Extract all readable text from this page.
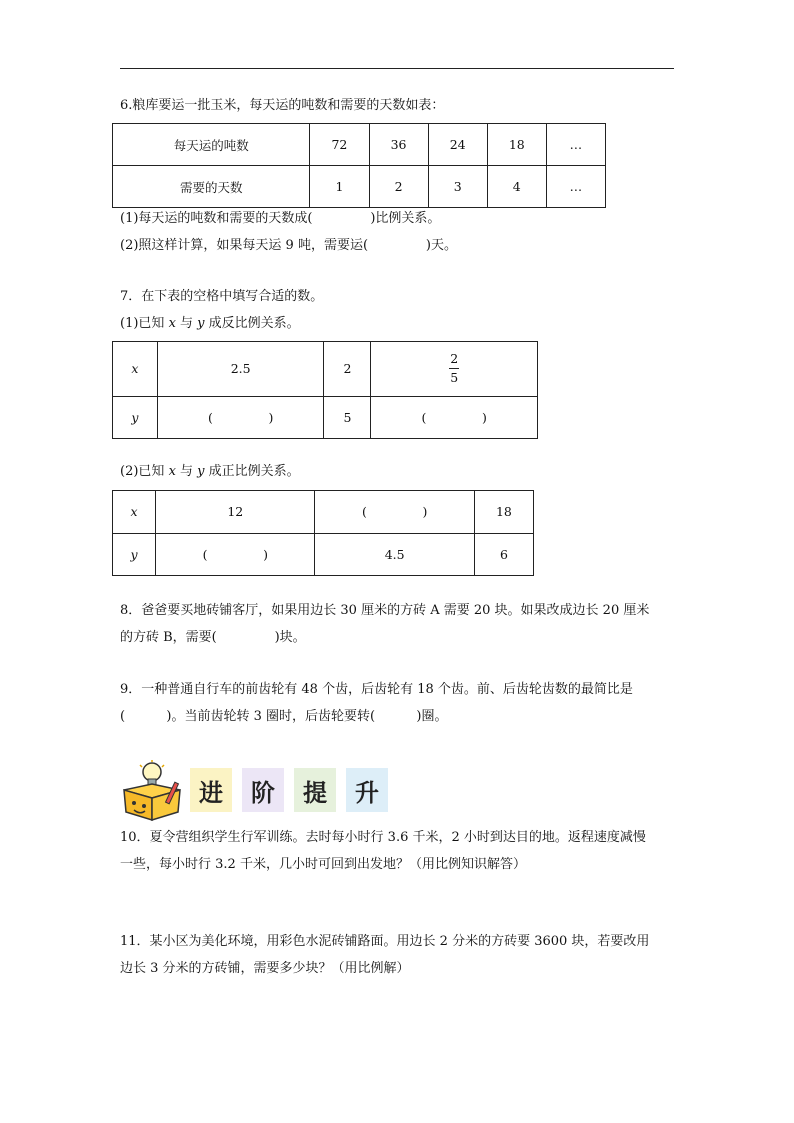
6.粮库要运一批玉米，每天运的吨数和需要的天数如表：
每天运的吨数	72	36	24	18	…
需要的天数	1	2	3	4	…
(1)每天运的吨数和需要的天数成(              )比例关系。
(2)照这样计算，如果每天运 9 吨，需要运(              )天。
7．在下表的空格中填写合适的数。
(1)已知 x 与 y 成反比例关系。
x	2.5	2	$\frac{2}{5}$
y	(              )	5	(              )
(2)已知 x 与 y 成正比例关系。
x	12	(              )	18
y	(              )	4.5	6
8．爸爸要买地砖铺客厅，如果用边长 30 厘米的方砖 A 需要 20 块。如果改成边长 20 厘米
的方砖 B，需要(              )块。
9．一种普通自行车的前齿轮有 48 个齿，后齿轮有 18 个齿。前、后齿轮齿数的最简比是
(          )。当前齿轮转 3 圈时，后齿轮要转(          )圈。
进	阶	提	升
10．夏令营组织学生行军训练。去时每小时行 3.6 千米，2 小时到达目的地。返程速度减慢
一些，每小时行 3.2 千米，几小时可回到出发地？（用比例知识解答）
11．某小区为美化环境，用彩色水泥砖铺路面。用边长 2 分米的方砖要 3600 块，若要改用
边长 3 分米的方砖铺，需要多少块？（用比例解）
